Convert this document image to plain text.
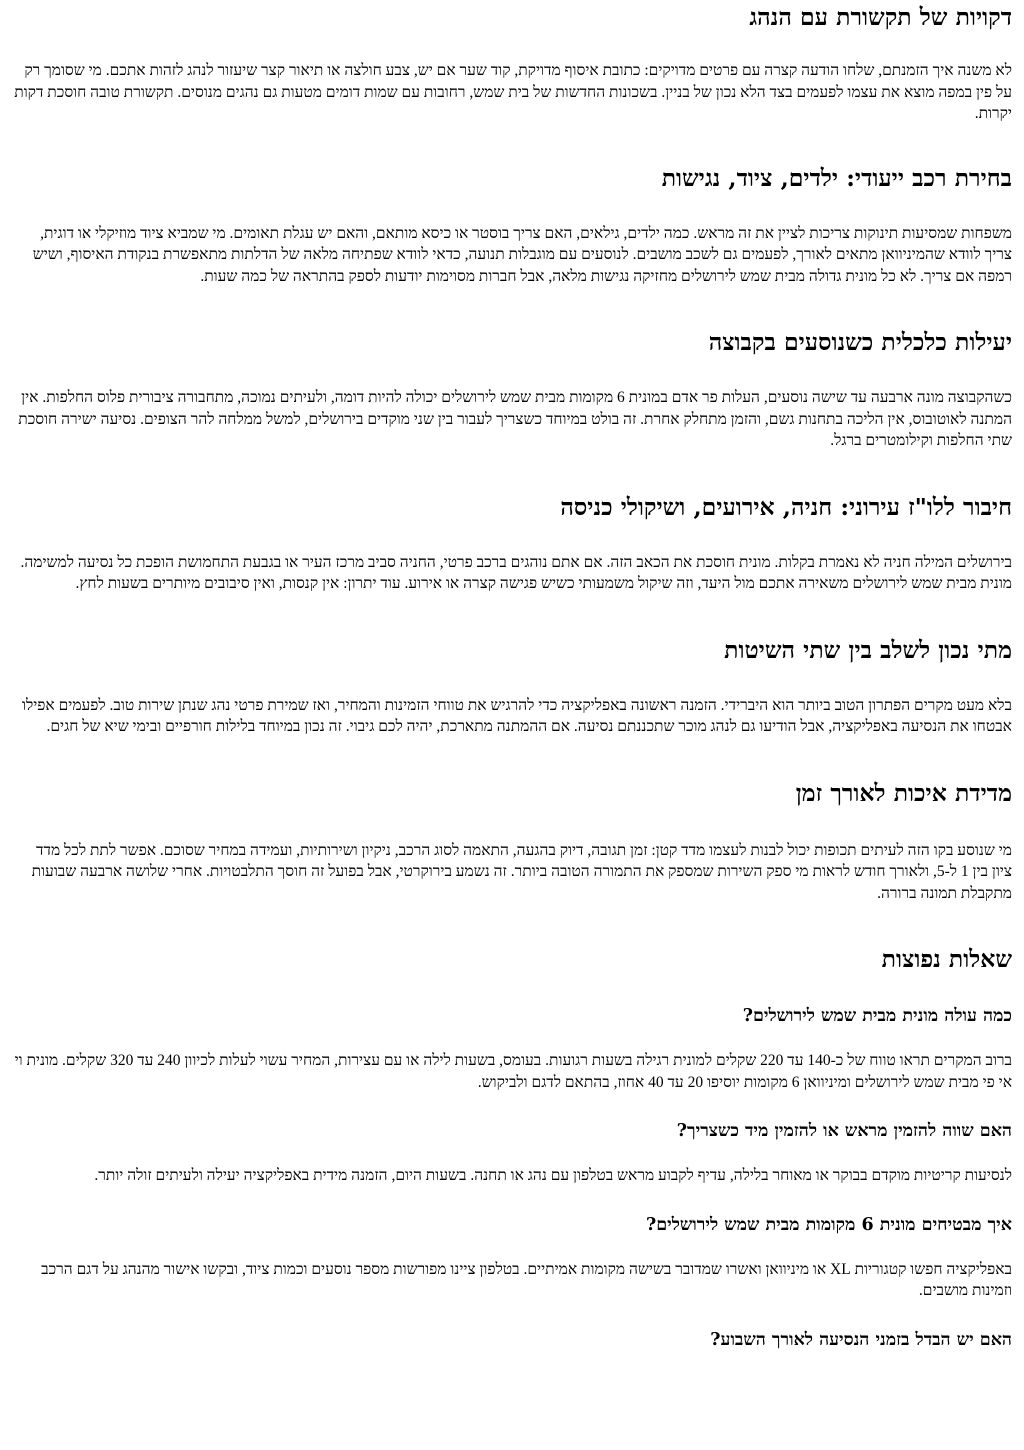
דקויות של תקשורת עם הנהג

לא משנה איך הזמנתם, שלחו הודעה קצרה עם פרטים מדויקים: כתובת איסוף מדויקת, קוד שער אם יש, צבע חולצה או תיאור קצר שיעזור לנהג לזהות אתכם. מי שסומך רק על פין במפה מוצא את עצמו לפעמים בצד הלא נכון של בניין. בשכונות החדשות של בית שמש, רחובות עם שמות דומים מטעות גם נהגים מנוסים. תקשורת טובה חוסכת דקות יקרות.

בחירת רכב ייעודי: ילדים, ציוד, נגישות

משפחות שמסיעות תינוקות צריכות לציין את זה מראש. כמה ילדים, גילאים, האם צריך בוסטר או כיסא מותאם, והאם יש עגלת תאומים. מי שמביא ציוד מוזיקלי או דוגית, צריך לוודא שהמיניוואן מתאים לאורך, לפעמים גם לשכב מושבים. לנוסעים עם מוגבלות תנועה, כדאי לוודא שפתיחה מלאה של הדלתות מתאפשרת בנקודת האיסוף, ושיש רמפה אם צריך. לא כל מונית גדולה מבית שמש לירושלים מחזיקה נגישות מלאה, אבל חברות מסוימות יודעות לספק בהתראה של כמה שעות.

יעילות כלכלית כשנוסעים בקבוצה

כשהקבוצה מונה ארבעה עד שישה נוסעים, העלות פר אדם במונית 6 מקומות מבית שמש לירושלים יכולה להיות דומה, ולעיתים נמוכה, מתחבורה ציבורית פלוס החלפות. אין המתנה לאוטובוס, אין הליכה בתחנות גשם, והזמן מתחלק אחרת. זה בולט במיוחד כשצריך לעבור בין שני מוקדים בירושלים, למשל ממלחה להר הצופים. נסיעה ישירה חוסכת שתי החלפות וקילומטרים ברגל.

חיבור ללו"ז עירוני: חניה, אירועים, ושיקולי כניסה

בירושלים המילה חניה לא נאמרת בקלות. מונית חוסכת את הכאב הזה. אם אתם נוהגים ברכב פרטי, החניה סביב מרכז העיר או בגבעת התחמושת הופכת כל נסיעה למשימה. מונית מבית שמש לירושלים משאירה אתכם מול היעד, וזה שיקול משמעותי כשיש פגישה קצרה או אירוע. עוד יתרון: אין קנסות, ואין סיבובים מיותרים בשעות לחץ.

מתי נכון לשלב בין שתי השיטות

בלא מעט מקרים הפתרון הטוב ביותר הוא היברידי. הזמנה ראשונה באפליקציה כדי להרגיש את טווחי הזמינות והמחיר, ואז שמירת פרטי נהג שנתן שירות טוב. לפעמים אפילו אבטחו את הנסיעה באפליקציה, אבל הודיעו גם לנהג מוכר שתכננתם נסיעה. אם ההמתנה מתארכת, יהיה לכם גיבוי. זה נכון במיוחד בלילות חורפיים ובימי שיא של חגים.

מדידת איכות לאורך זמן

מי שנוסע בקו הזה לעיתים תכופות יכול לבנות לעצמו מדד קטן: זמן תגובה, דיוק בהגעה, התאמה לסוג הרכב, ניקיון ושירותיות, ועמידה במחיר שסוכם. אפשר לתת לכל מדד ציון בין 1 ל-5, ולאורך חודש לראות מי ספק השירות שמספק את התמורה הטובה ביותר. זה נשמע בירוקרטי, אבל בפועל זה חוסך התלבטויות. אחרי שלושה ארבעה שבועות מתקבלת תמונה ברורה.

שאלות נפוצות
כמה עולה מונית מבית שמש לירושלים?

ברוב המקרים תראו טווח של כ-140 עד 220 שקלים למונית רגילה בשעות רגועות. בעומס, בשעות לילה או עם עצירות, המחיר עשוי לעלות לכיוון 240 עד 320 שקלים. מונית וי אי פי מבית שמש לירושלים ומיניוואן 6 מקומות יוסיפו 20 עד 40 אחוז, בהתאם לדגם ולביקוש.

האם שווה להזמין מראש או להזמין מיד כשצריך?

לנסיעות קריטיות מוקדם בבוקר או מאוחר בלילה, עדיף לקבוע מראש בטלפון עם נהג או תחנה. בשעות היום, הזמנה מידית באפליקציה יעילה ולעיתים זולה יותר.

איך מבטיחים מונית 6 מקומות מבית שמש לירושלים?

באפליקציה חפשו קטגוריות XL או מיניוואן ואשרו שמדובר בשישה מקומות אמיתיים. בטלפון ציינו מפורשות מספר נוסעים וכמות ציוד, ובקשו אישור מהנהג על דגם הרכב וזמינות מושבים.

האם יש הבדל בזמני הנסיעה לאורך השבוע?
